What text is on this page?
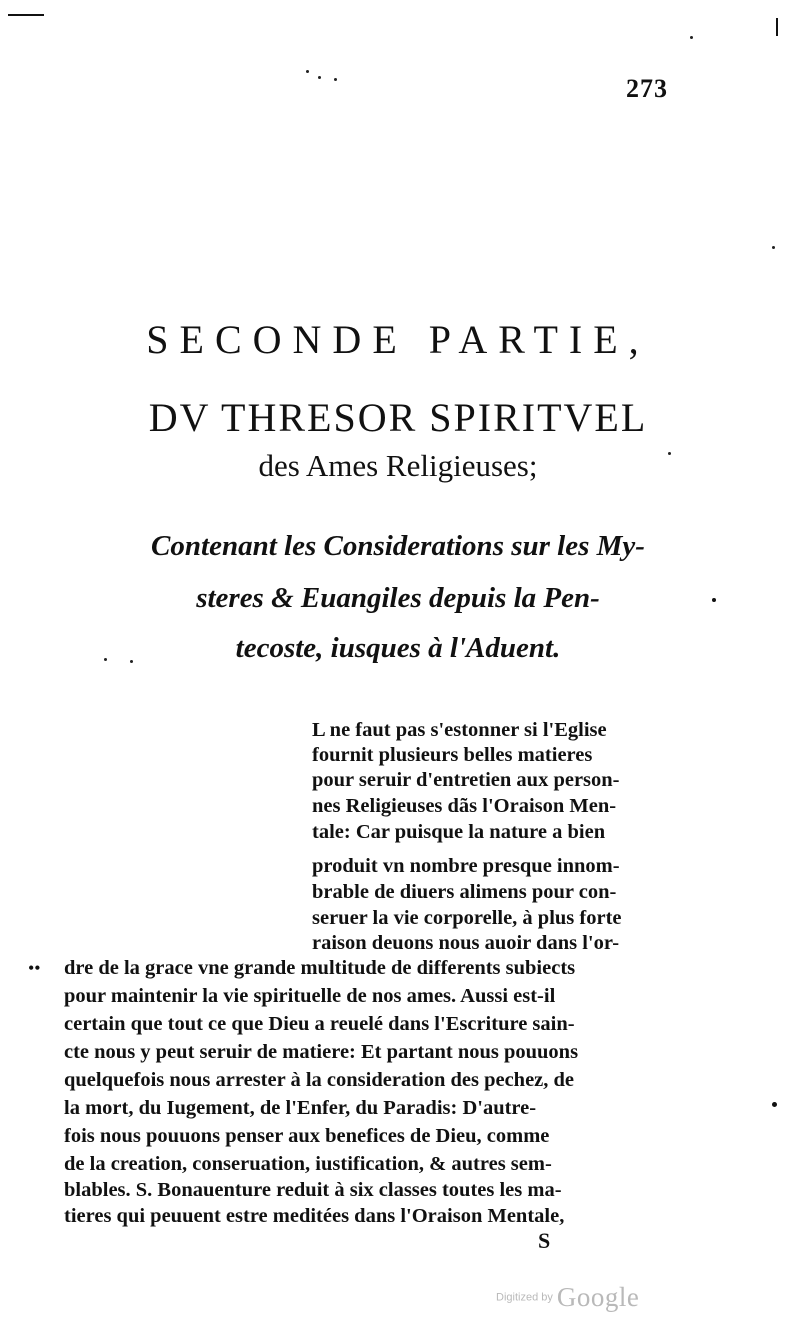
273
SECONDE PARTIE,
DV THRESOR SPIRITVEL
des Ames Religieuses;
Contenant les Considerations sur les My-
steres & Euangiles depuis la Pen-
tecoste, iusques à l'Aduent.
L ne faut pas s'estonner si l'Eglise
fournit plusieurs belles matieres
pour seruir d'entretien aux person-
nes Religieuses dãs l'Oraison Men-
tale: Car puisque la nature a bien
produit vn nombre presque innom-
brable de diuers alimens pour con-
seruer la vie corporelle, à plus forte
raison deuons nous auoir dans l'or-
•• dre de la grace vne grande multitude de differents subiects
pour maintenir la vie spirituelle de nos ames. Aussi est-il
certain que tout ce que Dieu a reuelé dans l'Escriture sain-
cte nous y peut seruir de matiere: Et partant nous pouuons
quelquefois nous arrester à la consideration des pechez, de
la mort, du Iugement, de l'Enfer, du Paradis: D'autre-
fois nous pouuons penser aux benefices de Dieu, comme
de la creation, conseruation, iustification, & autres sem-
blables. S. Bonauenture reduit à six classes toutes les ma-
tieres qui peuuent estre meditées dans l'Oraison Mentale,
S
Digitized by Google
